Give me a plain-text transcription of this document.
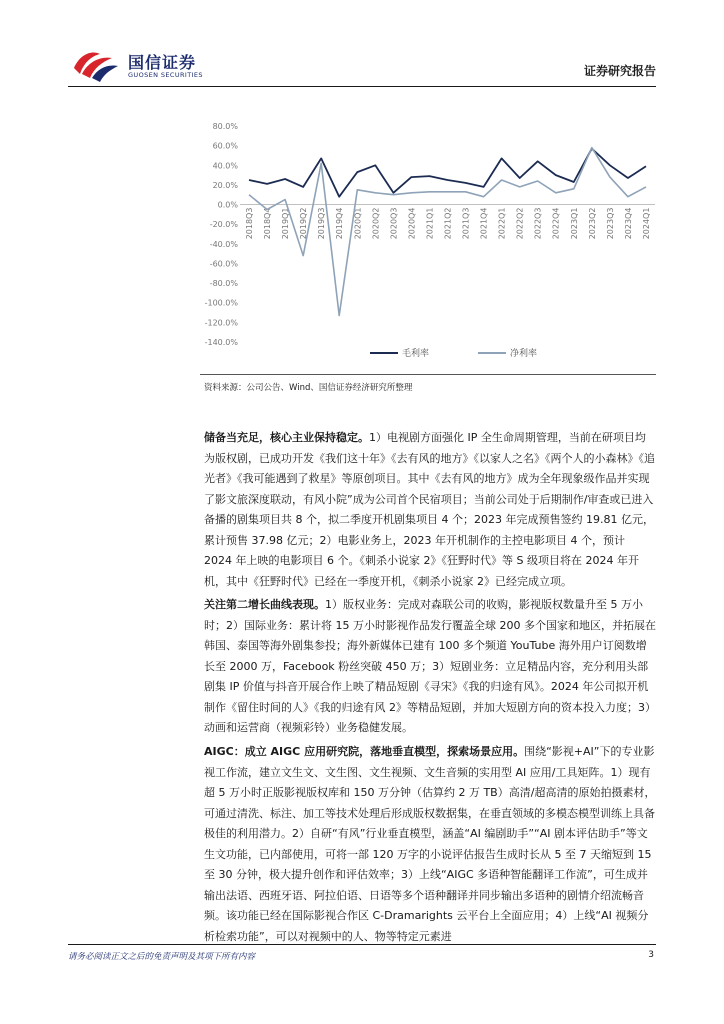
国信证券
GUOSEN SECURITIES	证券研究报告
80.0%
60.0%
40.0%
20.0%
0.0%
-20.0%
-40.0%
-60.0%
-80.0%
-100.0%
-120.0%
-140.0%
2018Q3 2018Q4 2019Q1 2019Q2 2019Q3 2019Q4 2020Q1 2020Q2 2020Q3 2020Q4 2021Q1 2021Q2 2021Q3 2021Q4 2022Q1 2022Q2 2022Q3 2022Q4 2023Q1 2023Q2 2023Q3 2023Q4 2024Q1
毛利率	净利率
资料来源：公司公告、Wind、国信证券经济研究所整理

储备当充足，核心主业保持稳定。1）电视剧方面强化 IP 全生命周期管理，当前在研项目均为版权剧，已成功开发《我们这十年》《去有风的地方》《以家人之名》《两个人的小森林》《追光者》《我可能遇到了救星》等原创项目。其中《去有风的地方》成为全年现象级作品并实现了影文旅深度联动，有风小院”成为公司首个民宿项目；当前公司处于后期制作/审查或已进入备播的剧集项目共 8 个，拟二季度开机剧集项目 4 个；2023 年完成预售签约 19.81 亿元，累计预售 37.98 亿元；2）电影业务上，2023 年开机制作的主控电影项目 4 个，预计 2024 年上映的电影项目 6 个。《刺杀小说家 2》《狂野时代》等 S 级项目将在 2024 年开机，其中《狂野时代》已经在一季度开机，《刺杀小说家 2》已经完成立项。

关注第二增长曲线表现。1）版权业务：完成对森联公司的收购，影视版权数量升至 5 万小时；2）国际业务：累计将 15 万小时影视作品发行覆盖全球 200 多个国家和地区，并拓展在韩国、泰国等海外剧集参投；海外新媒体已建有 100 多个频道 YouTube 海外用户订阅数增长至 2000 万，Facebook 粉丝突破 450 万；3）短剧业务：立足精品内容，充分利用头部剧集 IP 价值与抖音开展合作上映了精品短剧《寻宋》《我的归途有风》。2024 年公司拟开机制作《留住时间的人》《我的归途有风 2》等精品短剧，并加大短剧方向的资本投入力度；3）动画和运营商（视频彩铃）业务稳健发展。

AIGC：成立 AIGC 应用研究院，落地垂直模型，探索场景应用。围绕“影视+AI”下的专业影视工作流，建立文生文、文生图、文生视频、文生音频的实用型 AI 应用/工具矩阵。1）现有超 5 万小时正版影视版权库和 150 万分钟（估算约 2 万 TB）高清/超高清的原始拍摄素材，可通过清洗、标注、加工等技术处理后形成版权数据集，在垂直领域的多模态模型训练上具备极佳的利用潜力。2）自研“有风”行业垂直模型，涵盖“AI 编剧助手”“AI 剧本评估助手”等文生文功能，已内部使用，可将一部 120 万字的小说评估报告生成时长从 5 至 7 天缩短到 15 至 30 分钟，极大提升创作和评估效率；3）上线“AIGC 多语种智能翻译工作流”，可生成并输出法语、西班牙语、阿拉伯语、日语等多个语种翻译并同步输出多语种的剧情介绍流畅音频。该功能已经在国际影视合作区 C-Dramarights 云平台上全面应用；4）上线“AI 视频分析检索功能”，可以对视频中的人、物等特定元素进

请务必阅读正文之后的免责声明及其项下所有内容	3
